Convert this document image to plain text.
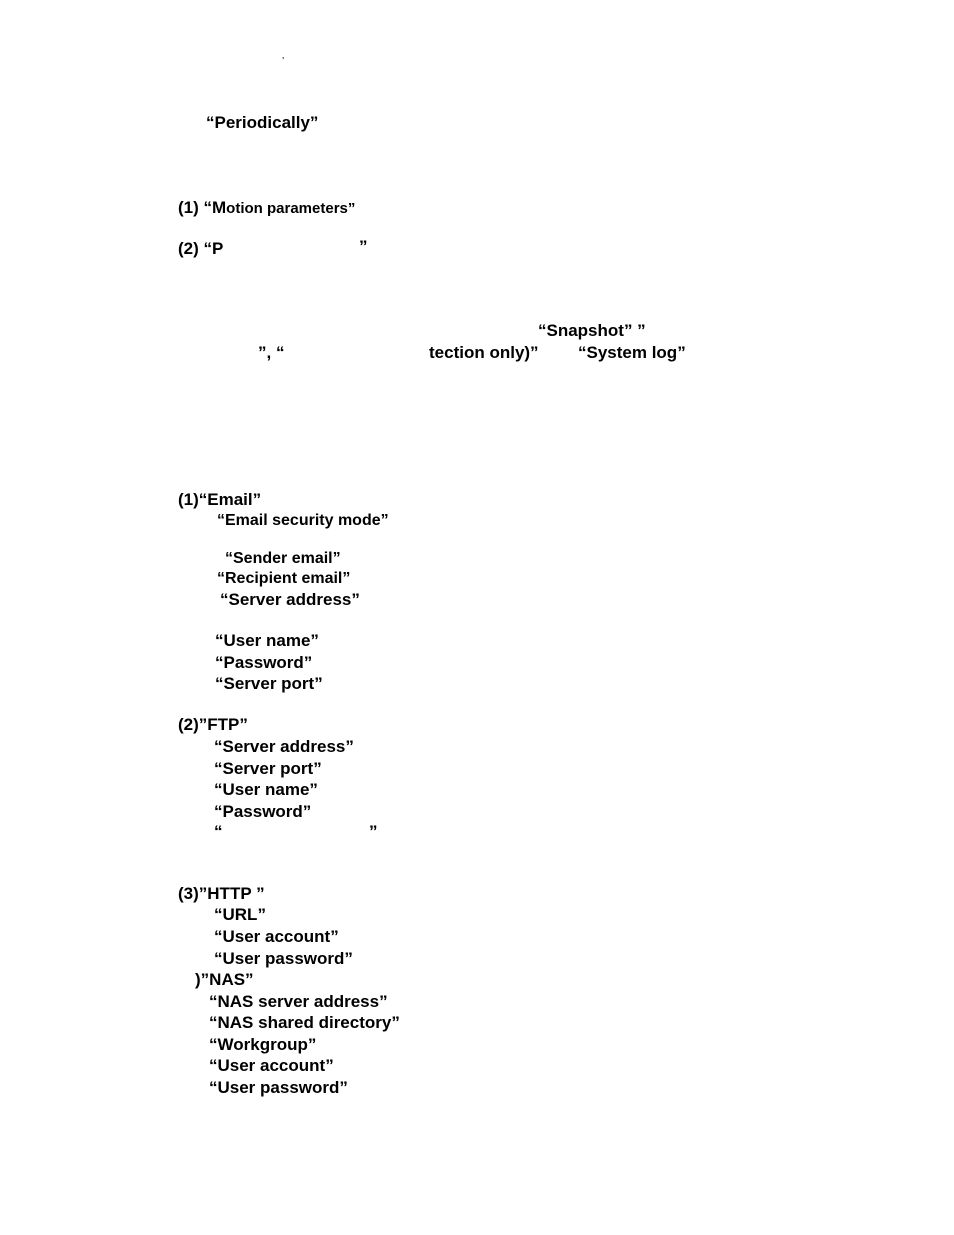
’
“Periodically”
(1) “Motion parameters”
(2) “P	”
“Snapshot” ”
”, “	tection only)” “System log”
(1)“Email”
“Email security mode”
“Sender email”
“Recipient email”
“Server address”
“User name”
“Password”
“Server port”
(2)”FTP”
“Server address”
“Server port”
“User name”
“Password”
“	”
(3)”HTTP ”
“URL”
“User account”
“User password”
)”NAS”
“NAS server address”
“NAS shared directory”
“Workgroup”
“User account”
“User password”
